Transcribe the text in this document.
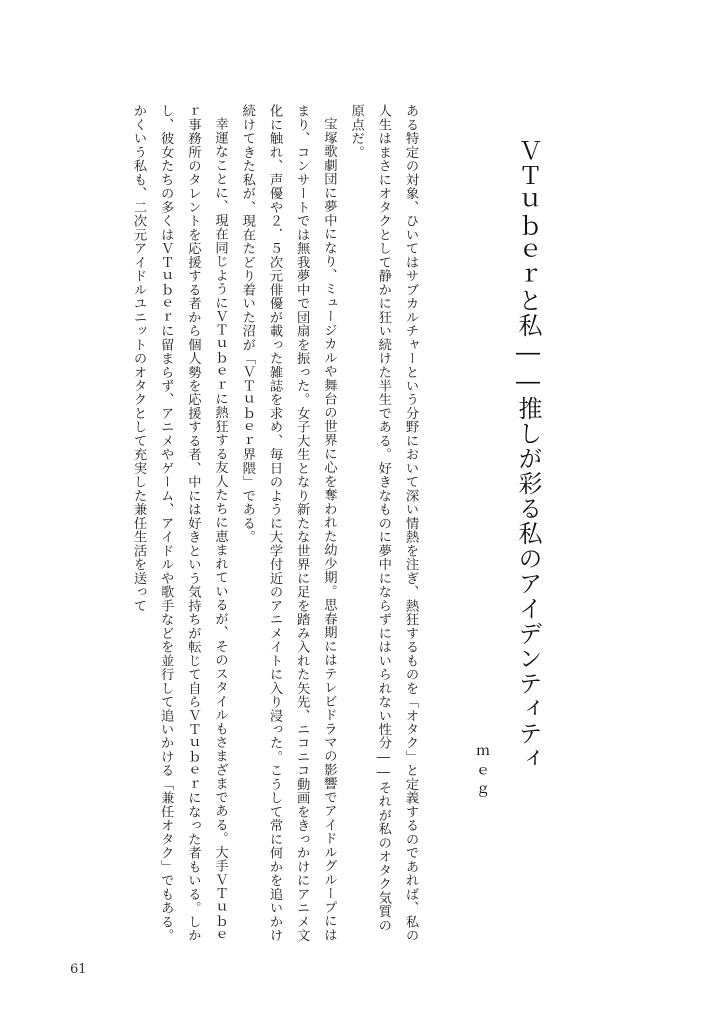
ＶＴｕｂｅｒと私――推しが彩る私のアイデンティティ
ｍｅｇ

ある特定の対象、ひいてはサブカルチャーという分野において深い情熱を注ぎ、熱狂するものを「オタク」と定義するのであれば、私の人生はまさにオタクとして静かに狂い続けた半生である。好きなものに夢中にならずにはいられない性分――それが私のオタク気質の原点だ。

宝塚歌劇団に夢中になり、ミュージカルや舞台の世界に心を奪われた幼少期。思春期にはテレビドラマの影響でアイドルグループにはまり、コンサートでは無我夢中で団扇を振った。女子大生となり新たな世界に足を踏み入れた矢先、ニコニコ動画をきっかけにアニメ文化に触れ、声優や２．５次元俳優が載った雑誌を求め、毎日のように大学付近のアニメイトに入り浸った。こうして常に何かを追いかけ続けてきた私が、現在たどり着いた沼が「ＶＴｕｂｅｒ界隈」である。

幸運なことに、現在同じようにＶＴｕｂｅｒに熱狂する友人たちに恵まれているが、そのスタイルもさまざまである。大手ＶＴｕｂｅｒ事務所のタレントを応援する者から個人勢を応援する者、中には好きという気持ちが転じて自らＶＴｕｂｅｒになった者もいる。しかし、彼女たちの多くはＶＴｕｂｅｒに留まらず、アニメやゲーム、アイドルや歌手などを並行して追いかける「兼任オタク」でもある。かくいう私も、二次元アイドルユニットのオタクとして充実した兼任生活を送って

61
